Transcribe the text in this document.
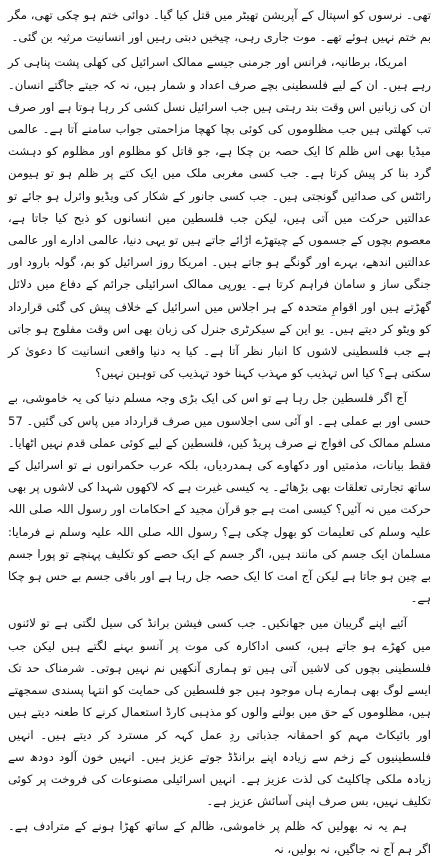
تھی۔ نرسوں کو اسپتال کے آپریشن تھیٹر میں قتل کیا گیا۔ دوائی ختم ہو چکی تھی، مگر بم ختم نہیں ہوئے تھے۔ موت جاری رہی، چیخیں دبتی رہیں اور انسانیت مرثیہ بن گئی۔

امریکا، برطانیہ، فرانس اور جرمنی جیسے ممالک اسرائیل کی کھلی پشت پناہی کر رہے ہیں۔ ان کے لیے فلسطینی بچے صرف اعداد و شمار ہیں، نہ کہ جیتے جاگتے انسان۔ ان کی زبانیں اس وقت بند رہتی ہیں جب اسرائیل نسل کشی کر رہا ہوتا ہے اور صرف تب کھلتی ہیں جب مظلوموں کی کوئی بچا کھچا مزاحمتی جواب سامنے آتا ہے۔ عالمی میڈیا بھی اس ظلم کا ایک حصہ بن چکا ہے، جو قاتل کو مظلوم اور مظلوم کو دہشت گرد بنا کر پیش کرتا ہے۔ جب کسی مغربی ملک میں ایک کتے پر ظلم ہو تو ہیومن رائٹس کی صدائیں گونجتی ہیں۔ جب کسی جانور کے شکار کی ویڈیو وائرل ہو جائے تو عدالتیں حرکت میں آتی ہیں، لیکن جب فلسطین میں انسانوں کو ذبح کیا جاتا ہے، معصوم بچوں کے جسموں کے چیتھڑے اڑائے جاتے ہیں تو یہی دنیا، عالمی ادارے اور عالمی عدالتیں اندھے، بہرے اور گونگے ہو جاتے ہیں۔ امریکا روز اسرائیل کو بم، گولہ بارود اور جنگی ساز و سامان فراہم کرتا ہے۔ یورپی ممالک اسرائیلی جرائم کے دفاع میں دلائل گھڑتے ہیں اور اقوامِ متحدہ کے ہر اجلاس میں اسرائیل کے خلاف پیش کی گئی قرارداد کو ویٹو کر دیتے ہیں۔ یو این کے سیکرٹری جنرل کی زبان بھی اس وقت مفلوج ہو جاتی ہے جب فلسطینی لاشوں کا انبار نظر آتا ہے۔ کیا یہ دنیا واقعی انسانیت کا دعویٰ کر سکتی ہے؟ کیا اس تہذیب کو مہذب کہنا خود تہذیب کی توہین نہیں؟

آج اگر فلسطین جل رہا ہے تو اس کی ایک بڑی وجہ مسلم دنیا کی یہ خاموشی، بے حسی اور بے عملی ہے۔ او آئی سی اجلاسوں میں صرف قرارداد میں پاس کی گئیں۔ 57 مسلم ممالک کی افواج نے صرف پریڈ کیں، فلسطین کے لیے کوئی عملی قدم نہیں اٹھایا۔ فقط بیانات، مذمتیں اور دکھاوے کی ہمدردیاں، بلکہ عرب حکمرانوں نے تو اسرائیل کے ساتھ تجارتی تعلقات بھی بڑھائے۔ یہ کیسی غیرت ہے کہ لاکھوں شہدا کی لاشوں پر بھی حرکت میں نہ آئیں؟ کیسی امت ہے جو قرآن مجید کے احکامات اور رسول اللہ صلی اللہ علیہ وسلم کی تعلیمات کو بھول چکی ہے؟ رسول اللہ صلی اللہ علیہ وسلم نے فرمایا: مسلمان ایک جسم کی مانند ہیں، اگر جسم کے ایک حصے کو تکلیف پہنچے تو پورا جسم بے چین ہو جاتا ہے لیکن آج امت کا ایک حصہ جل رہا ہے اور باقی جسم بے حس ہو چکا ہے۔

آئیے اپنے گریبان میں جھانکیں۔ جب کسی فیشن برانڈ کی سیل لگتی ہے تو لائنوں میں کھڑے ہو جاتے ہیں، کسی اداکارہ کی موت پر آنسو بہنے لگتے ہیں لیکن جب فلسطینی بچوں کی لاشیں آتی ہیں تو ہماری آنکھیں نم نہیں ہوتی۔ شرمناک حد تک ایسے لوگ بھی ہمارے ہاں موجود ہیں جو فلسطین کی حمایت کو انتہا پسندی سمجھتے ہیں، مظلوموں کے حق میں بولنے والوں کو مذہبی کارڈ استعمال کرنے کا طعنہ دیتے ہیں اور بائیکاٹ مہم کو احمقانہ جذباتی ردِ عمل کہہ کر مسترد کر دیتے ہیں۔ انہیں فلسطینیوں کے زخم سے زیادہ اپنے برانڈڈ جوتے عزیز ہیں۔ انہیں خون آلود دودھ سے زیادہ ملکی چاکلیٹ کی لذت عزیز ہے۔ انہیں اسرائیلی مصنوعات کی فروخت پر کوئی تکلیف نہیں، بس صرف اپنی آسائش عزیز ہے۔

ہم یہ نہ بھولیں کہ ظلم پر خاموشی، ظالم کے ساتھ کھڑا ہونے کے مترادف ہے۔ اگر ہم آج نہ جاگیں، نہ بولیں، نہ
